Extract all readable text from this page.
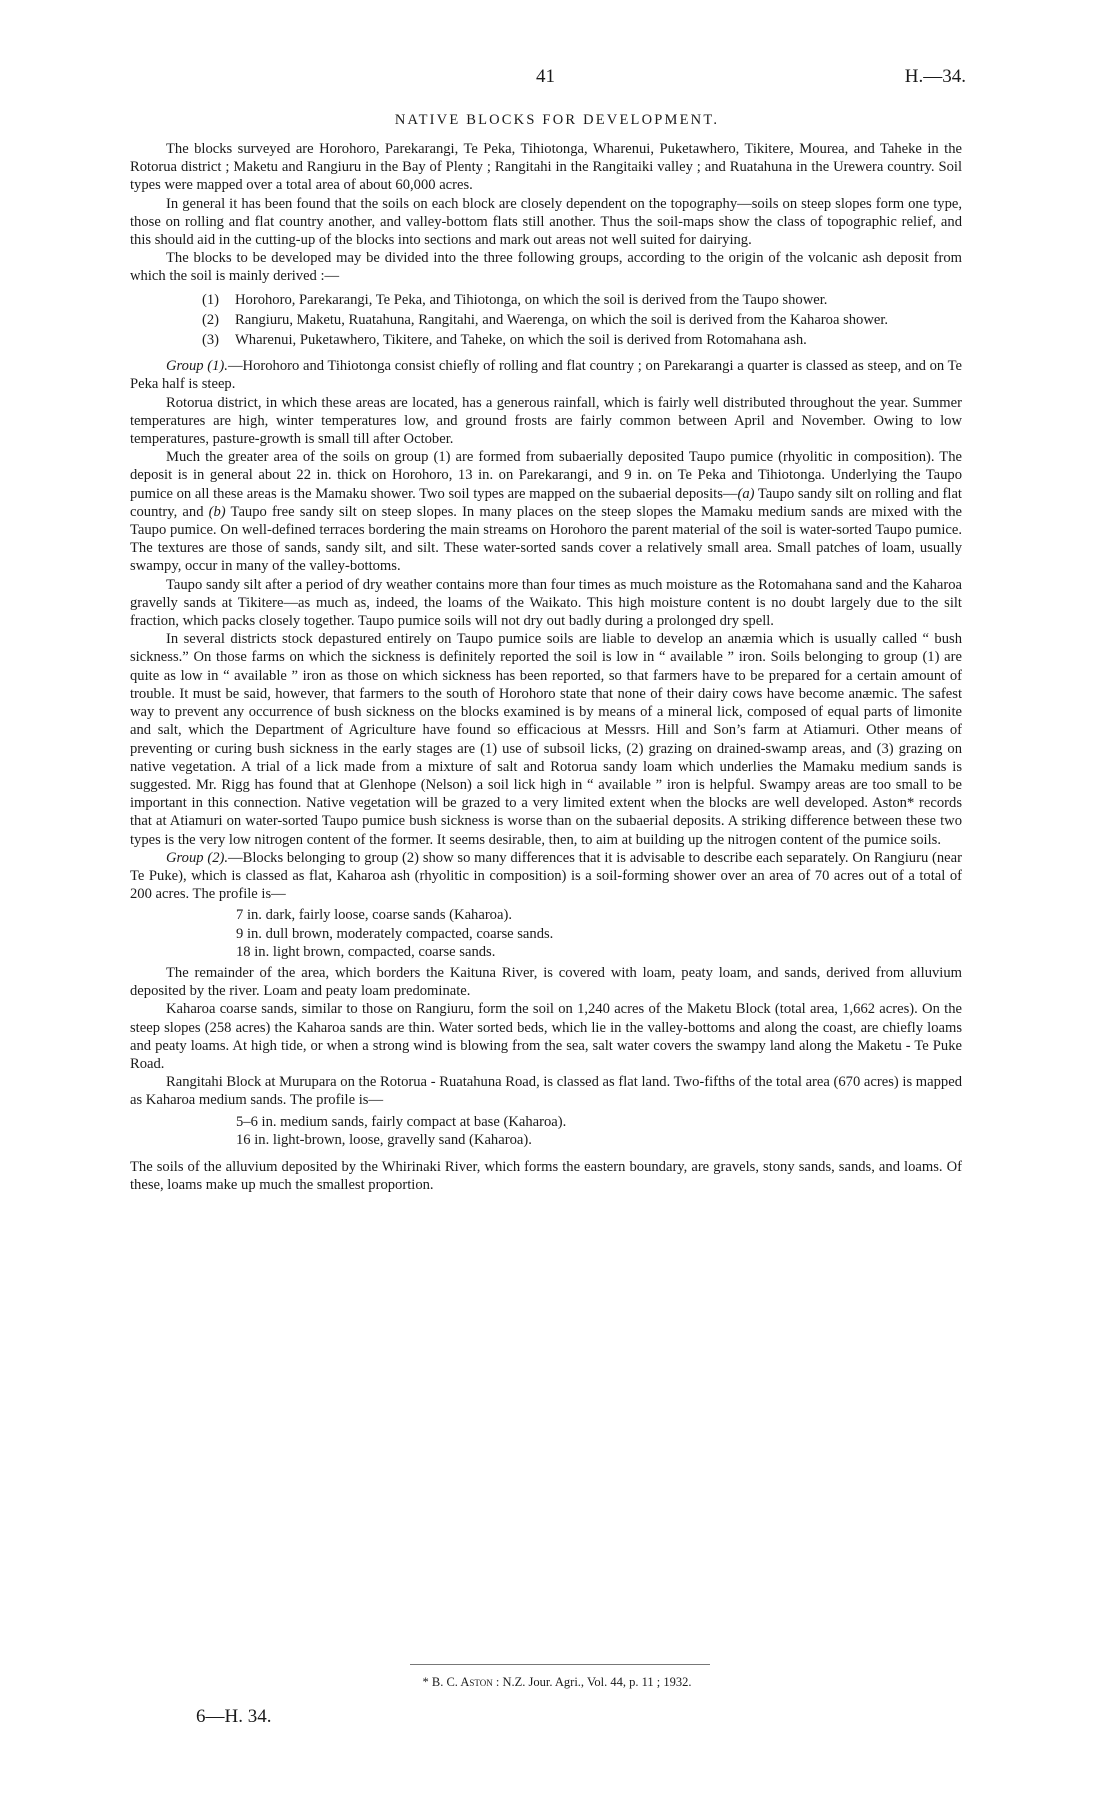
41	H.—34.
NATIVE BLOCKS FOR DEVELOPMENT.

The blocks surveyed are Horohoro, Parekarangi, Te Peka, Tihiotonga, Wharenui, Puketawhero, Tikitere, Mourea, and Taheke in the Rotorua district ; Maketu and Rangiuru in the Bay of Plenty ; Rangitahi in the Rangitaiki valley ; and Ruatahuna in the Urewera country. Soil types were mapped over a total area of about 60,000 acres.

In general it has been found that the soils on each block are closely dependent on the topography—soils on steep slopes form one type, those on rolling and flat country another, and valley-bottom flats still another. Thus the soil-maps show the class of topographic relief, and this should aid in the cutting-up of the blocks into sections and mark out areas not well suited for dairying.

The blocks to be developed may be divided into the three following groups, according to the origin of the volcanic ash deposit from which the soil is mainly derived :—

(1) Horohoro, Parekarangi, Te Peka, and Tihiotonga, on which the soil is derived from the Taupo shower.
(2) Rangiuru, Maketu, Ruatahuna, Rangitahi, and Waerenga, on which the soil is derived from the Kaharoa shower.
(3) Wharenui, Puketawhero, Tikitere, and Taheke, on which the soil is derived from Rotomahana ash.

Group (1).—Horohoro and Tihiotonga consist chiefly of rolling and flat country ; on Parekarangi a quarter is classed as steep, and on Te Peka half is steep.

Rotorua district, in which these areas are located, has a generous rainfall, which is fairly well distributed throughout the year. Summer temperatures are high, winter temperatures low, and ground frosts are fairly common between April and November. Owing to low temperatures, pasture-growth is small till after October.

Much the greater area of the soils on group (1) are formed from subaerially deposited Taupo pumice (rhyolitic in composition). The deposit is in general about 22 in. thick on Horohoro, 13 in. on Parekarangi, and 9 in. on Te Peka and Tihiotonga. Underlying the Taupo pumice on all these areas is the Mamaku shower. Two soil types are mapped on the subaerial deposits—(a) Taupo sandy silt on rolling and flat country, and (b) Taupo free sandy silt on steep slopes. In many places on the steep slopes the Mamaku medium sands are mixed with the Taupo pumice. On well-defined terraces bordering the main streams on Horohoro the parent material of the soil is water-sorted Taupo pumice. The textures are those of sands, sandy silt, and silt. These water-sorted sands cover a relatively small area. Small patches of loam, usually swampy, occur in many of the valley-bottoms.

Taupo sandy silt after a period of dry weather contains more than four times as much moisture as the Rotomahana sand and the Kaharoa gravelly sands at Tikitere—as much as, indeed, the loams of the Waikato. This high moisture content is no doubt largely due to the silt fraction, which packs closely together. Taupo pumice soils will not dry out badly during a prolonged dry spell.

In several districts stock depastured entirely on Taupo pumice soils are liable to develop an anæmia which is usually called “ bush sickness.” On those farms on which the sickness is definitely reported the soil is low in “ available ” iron. Soils belonging to group (1) are quite as low in “ available ” iron as those on which sickness has been reported, so that farmers have to be prepared for a certain amount of trouble. It must be said, however, that farmers to the south of Horohoro state that none of their dairy cows have become anæmic. The safest way to prevent any occurrence of bush sickness on the blocks examined is by means of a mineral lick, composed of equal parts of limonite and salt, which the Department of Agriculture have found so efficacious at Messrs. Hill and Son’s farm at Atiamuri. Other means of preventing or curing bush sickness in the early stages are (1) use of subsoil licks, (2) grazing on drained-swamp areas, and (3) grazing on native vegetation. A trial of a lick made from a mixture of salt and Rotorua sandy loam which underlies the Mamaku medium sands is suggested. Mr. Rigg has found that at Glenhope (Nelson) a soil lick high in “ available ” iron is helpful. Swampy areas are too small to be important in this connection. Native vegetation will be grazed to a very limited extent when the blocks are well developed. Aston* records that at Atiamuri on water-sorted Taupo pumice bush sickness is worse than on the subaerial deposits. A striking difference between these two types is the very low nitrogen content of the former. It seems desirable, then, to aim at building up the nitrogen content of the pumice soils.

Group (2).—Blocks belonging to group (2) show so many differences that it is advisable to describe each separately. On Rangiuru (near Te Puke), which is classed as flat, Kaharoa ash (rhyolitic in composition) is a soil-forming shower over an area of 70 acres out of a total of 200 acres. The profile is—

7 in. dark, fairly loose, coarse sands (Kaharoa).
9 in. dull brown, moderately compacted, coarse sands.
18 in. light brown, compacted, coarse sands.

The remainder of the area, which borders the Kaituna River, is covered with loam, peaty loam, and sands, derived from alluvium deposited by the river. Loam and peaty loam predominate.

Kaharoa coarse sands, similar to those on Rangiuru, form the soil on 1,240 acres of the Maketu Block (total area, 1,662 acres). On the steep slopes (258 acres) the Kaharoa sands are thin. Water sorted beds, which lie in the valley-bottoms and along the coast, are chiefly loams and peaty loams. At high tide, or when a strong wind is blowing from the sea, salt water covers the swampy land along the Maketu - Te Puke Road.

Rangitahi Block at Murupara on the Rotorua - Ruatahuna Road, is classed as flat land. Two-fifths of the total area (670 acres) is mapped as Kaharoa medium sands. The profile is—

5–6 in. medium sands, fairly compact at base (Kaharoa).
16 in. light-brown, loose, gravelly sand (Kaharoa).

The soils of the alluvium deposited by the Whirinaki River, which forms the eastern boundary, are gravels, stony sands, sands, and loams. Of these, loams make up much the smallest proportion.

* B. C. Aston : N.Z. Jour. Agri., Vol. 44, p. 11 ; 1932.
6—H. 34.
